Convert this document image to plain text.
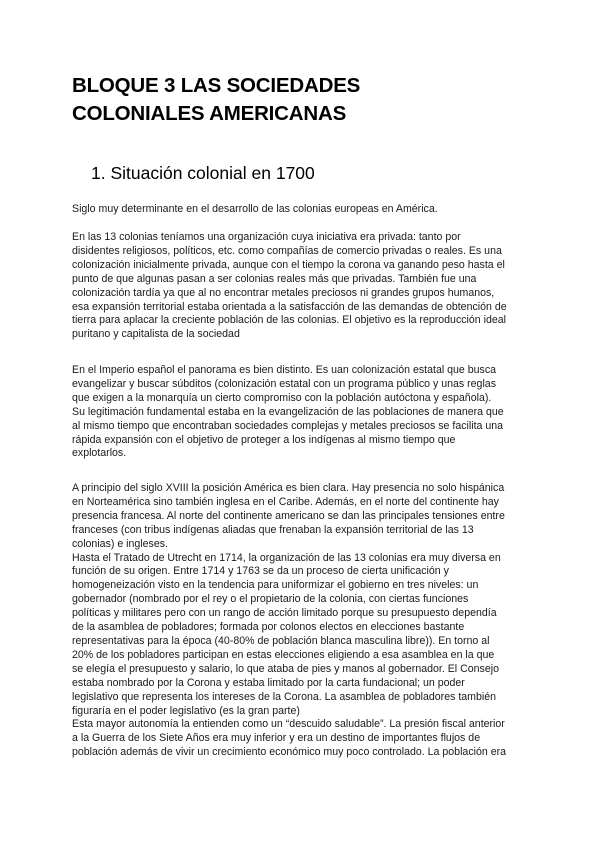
BLOQUE 3 LAS SOCIEDADES
COLONIALES AMERICANAS
1. Situación colonial en 1700

Siglo muy determinante en el desarrollo de las colonias europeas en América.

En las 13 colonias teníamos una organización cuya iniciativa era privada: tanto por
disidentes religiosos, políticos, etc. como compañías de comercio privadas o reales. Es una
colonización inicialmente privada, aunque con el tiempo la corona va ganando peso hasta el
punto de que algunas pasan a ser colonias reales más que privadas. También fue una
colonización tardía ya que al no encontrar metales preciosos ni grandes grupos humanos,
esa expansión territorial estaba orientada a la satisfacción de las demandas de obtención de
tierra para aplacar la creciente población de las colonias. El objetivo es la reproducción ideal
puritano y capitalista de la sociedad

En el Imperio español el panorama es bien distinto. Es uan colonización estatal que busca
evangelizar y buscar súbditos (colonización estatal con un programa público y unas reglas
que exigen a la monarquía un cierto compromiso con la población autóctona y española).
Su legitimación fundamental estaba en la evangelización de las poblaciones de manera que
al mismo tiempo que encontraban sociedades complejas y metales preciosos se facilita una
rápida expansión con el objetivo de proteger a los indígenas al mismo tiempo que
explotarlos.

A principio del siglo XVIII la posición América es bien clara. Hay presencia no solo hispánica
en Norteamérica sino también inglesa en el Caribe. Además, en el norte del continente hay
presencia francesa. Al norte del continente americano se dan las principales tensiones entre
franceses (con tribus indígenas aliadas que frenaban la expansión territorial de las 13
colonias) e ingleses.
Hasta el Tratado de Utrecht en 1714, la organización de las 13 colonias era muy diversa en
función de su origen. Entre 1714 y 1763 se da un proceso de cierta unificación y
homogeneización visto en la tendencia para uniformizar el gobierno en tres niveles: un
gobernador (nombrado por el rey o el propietario de la colonia, con ciertas funciones
políticas y militares pero con un rango de acción limitado porque su presupuesto dependía
de la asamblea de pobladores; formada por colonos electos en elecciones bastante
representativas para la época (40-80% de población blanca masculina libre)). En torno al
20% de los pobladores participan en estas elecciones eligiendo a esa asamblea en la que
se elegía el presupuesto y salario, lo que ataba de pies y manos al gobernador. El Consejo
estaba nombrado por la Corona y estaba limitado por la carta fundacional; un poder
legislativo que representa los intereses de la Corona. La asamblea de pobladores también
figuraría en el poder legislativo (es la gran parte)
Esta mayor autonomía la entienden como un “descuido saludable”. La presión fiscal anterior
a la Guerra de los Siete Años era muy inferior y era un destino de importantes flujos de
población además de vivir un crecimiento económico muy poco controlado. La población era
